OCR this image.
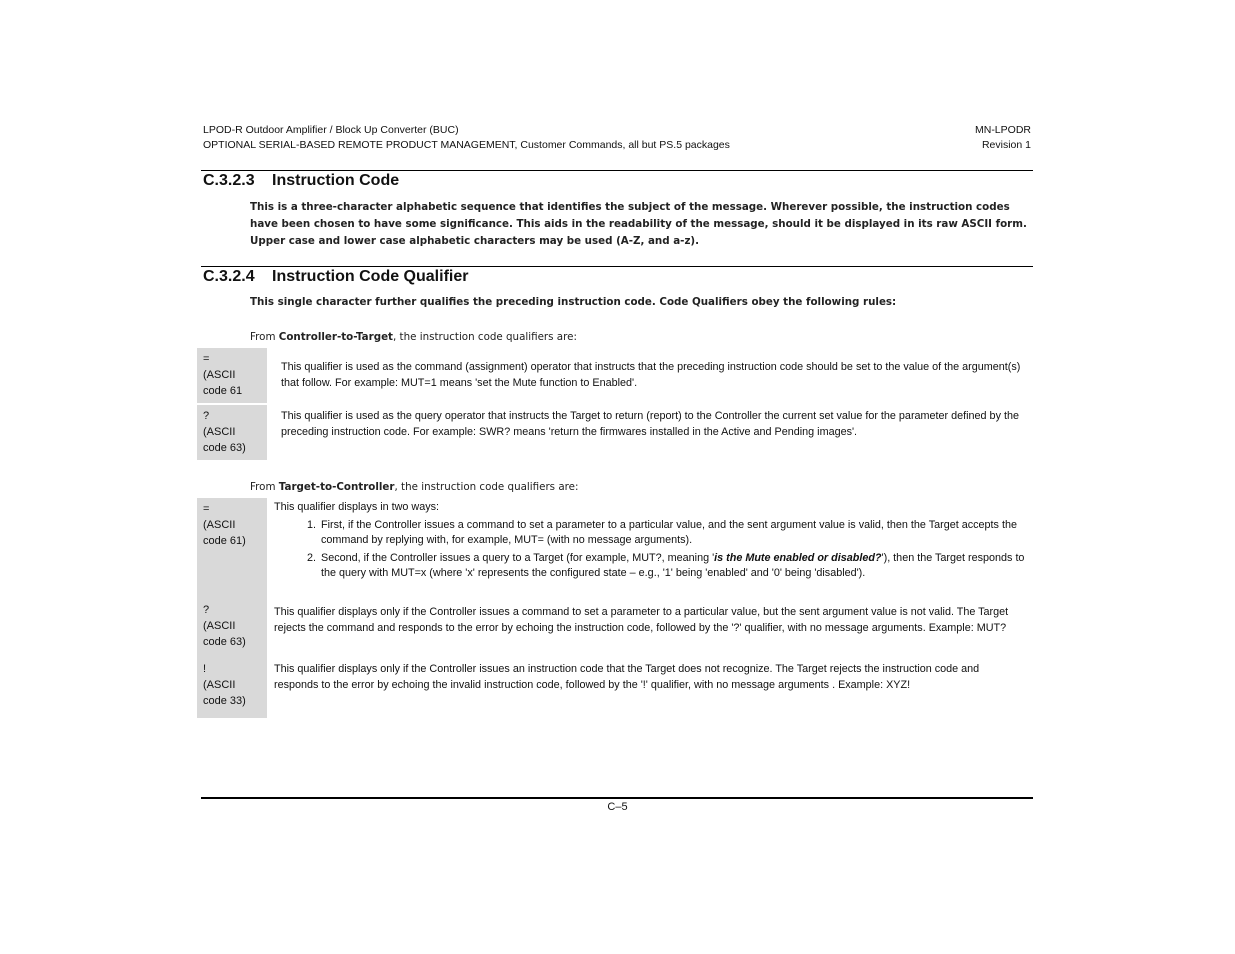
LPOD-R Outdoor Amplifier / Block Up Converter (BUC)
OPTIONAL SERIAL-BASED REMOTE PRODUCT MANAGEMENT, Customer Commands, all but PS.5 packages
MN-LPODR
Revision 1
C.3.2.3 Instruction Code
This is a three-character alphabetic sequence that identifies the subject of the message. Wherever possible, the instruction codes have been chosen to have some significance. This aids in the readability of the message, should it be displayed in its raw ASCII form. Upper case and lower case alphabetic characters may be used (A-Z, and a-z).
C.3.2.4 Instruction Code Qualifier
This single character further qualifies the preceding instruction code. Code Qualifiers obey the following rules:
From Controller-to-Target, the instruction code qualifiers are:
=
(ASCII
code 61
This qualifier is used as the command (assignment) operator that instructs that the preceding instruction code should be set to the value of the argument(s) that follow. For example: MUT=1 means 'set the Mute function to Enabled'.
?
(ASCII
code 63)
This qualifier is used as the query operator that instructs the Target to return (report) to the Controller the current set value for the parameter defined by the preceding instruction code. For example: SWR? means 'return the firmwares installed in the Active and Pending images'.
From Target-to-Controller, the instruction code qualifiers are:
=
(ASCII
code 61)
?
(ASCII
code 63)
!
(ASCII
code 33)
This qualifier displays in two ways:
1. First, if the Controller issues a command to set a parameter to a particular value, and the sent argument value is valid, then the Target accepts the command by replying with, for example, MUT= (with no message arguments).
2. Second, if the Controller issues a query to a Target (for example, MUT?, meaning 'is the Mute enabled or disabled?'), then the Target responds to the query with MUT=x (where 'x' represents the configured state – e.g., '1' being 'enabled' and '0' being 'disabled').
This qualifier displays only if the Controller issues a command to set a parameter to a particular value, but the sent argument value is not valid. The Target rejects the command and responds to the error by echoing the instruction code, followed by the '?' qualifier, with no message arguments. Example: MUT?
This qualifier displays only if the Controller issues an instruction code that the Target does not recognize. The Target rejects the instruction code and responds to the error by echoing the invalid instruction code, followed by the '!' qualifier, with no message arguments . Example: XYZ!
C–5
